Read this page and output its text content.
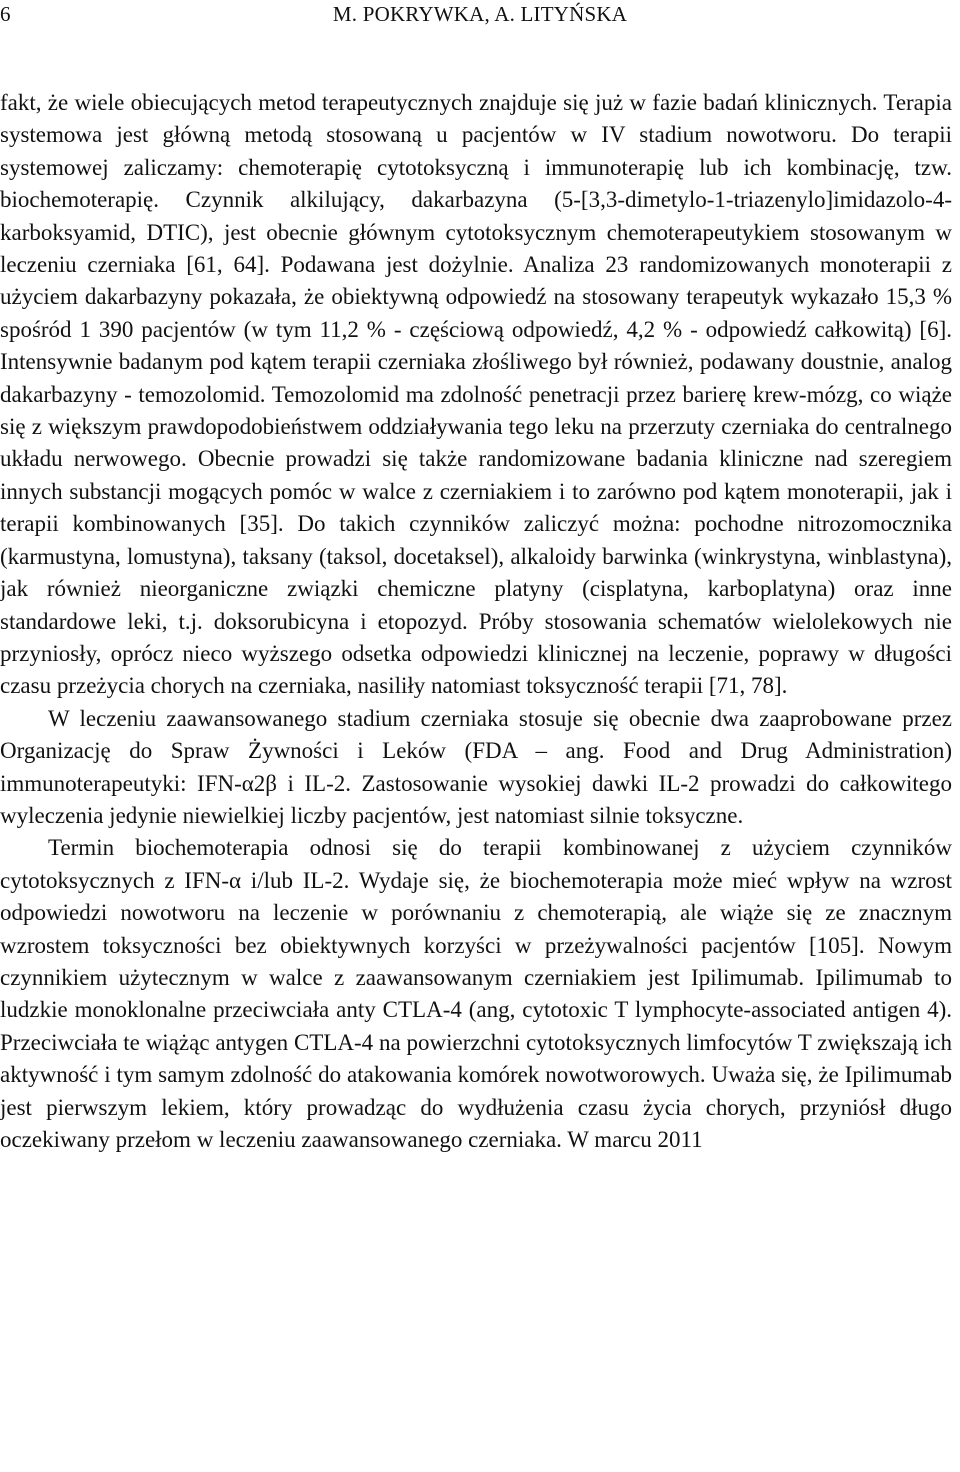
6	M. POKRYWKA, A. LITYŃSKA

fakt, że wiele obiecujących metod terapeutycznych znajduje się już w fazie badań klinicznych. Terapia systemowa jest główną metodą stosowaną u pacjentów w IV stadium nowotworu. Do terapii systemowej zaliczamy: chemoterapię cytotoksyczną i immunoterapię lub ich kombinację, tzw. biochemoterapię. Czynnik alkilujący, dakarbazyna (5-[3,3-dimetylo-1-triazenylo]imidazolo-4-karboksyamid, DTIC), jest obecnie głównym cytotoksycznym chemoterapeutykiem stosowanym w leczeniu czerniaka [61, 64]. Podawana jest dożylnie. Analiza 23 randomizowanych monoterapii z użyciem dakarbazyny pokazała, że obiektywną odpowiedź na stosowany terapeutyk wykazało 15,3 % spośród 1 390 pacjentów (w tym 11,2 % - częściową odpowiedź, 4,2 % - odpowiedź całkowitą) [6]. Intensywnie badanym pod kątem terapii czerniaka złośliwego był również, podawany doustnie, analog dakarbazyny - temozolomid. Temozolomid ma zdolność penetracji przez barierę krew-mózg, co wiąże się z większym prawdopodobieństwem oddziaływania tego leku na przerzuty czerniaka do centralnego układu nerwowego. Obecnie prowadzi się także randomizowane badania kliniczne nad szeregiem innych substancji mogących pomóc w walce z czerniakiem i to zarówno pod kątem monoterapii, jak i terapii kombinowanych [35]. Do takich czynników zaliczyć można: pochodne nitrozomocznika (karmustyna, lomustyna), taksany (taksol, docetaksel), alkaloidy barwinka (winkrystyna, winblastyna), jak również nieorganiczne związki chemiczne platyny (cisplatyna, karboplatyna) oraz inne standardowe leki, t.j. doksorubicyna i etopozyd. Próby stosowania schematów wielolekowych nie przyniosły, oprócz nieco wyższego odsetka odpowiedzi klinicznej na leczenie, poprawy w długości czasu przeżycia chorych na czerniaka, nasiliły natomiast toksyczność terapii [71, 78].

W leczeniu zaawansowanego stadium czerniaka stosuje się obecnie dwa zaaprobowane przez Organizację do Spraw Żywności i Leków (FDA – ang. Food and Drug Administration) immunoterapeutyki: IFN-α2β i IL-2. Zastosowanie wysokiej dawki IL-2 prowadzi do całkowitego wyleczenia jedynie niewielkiej liczby pacjentów, jest natomiast silnie toksyczne.

Termin biochemoterapia odnosi się do terapii kombinowanej z użyciem czynników cytotoksycznych z IFN-α i/lub IL-2. Wydaje się, że biochemoterapia może mieć wpływ na wzrost odpowiedzi nowotworu na leczenie w porównaniu z chemoterapią, ale wiąże się ze znacznym wzrostem toksyczności bez obiektywnych korzyści w przeżywalności pacjentów [105]. Nowym czynnikiem użytecznym w walce z zaawansowanym czerniakiem jest Ipilimumab. Ipilimumab to ludzkie monoklonalne przeciwciała anty CTLA-4 (ang, cytotoxic T lymphocyte-associated antigen 4). Przeciwciała te wiążąc antygen CTLA-4 na powierzchni cytotoksycznych limfocytów T zwiększają ich aktywność i tym samym zdolność do atakowania komórek nowotworowych. Uważa się, że Ipilimumab jest pierwszym lekiem, który prowadząc do wydłużenia czasu życia chorych, przyniósł długo oczekiwany przełom w leczeniu zaawansowanego czerniaka. W marcu 2011
